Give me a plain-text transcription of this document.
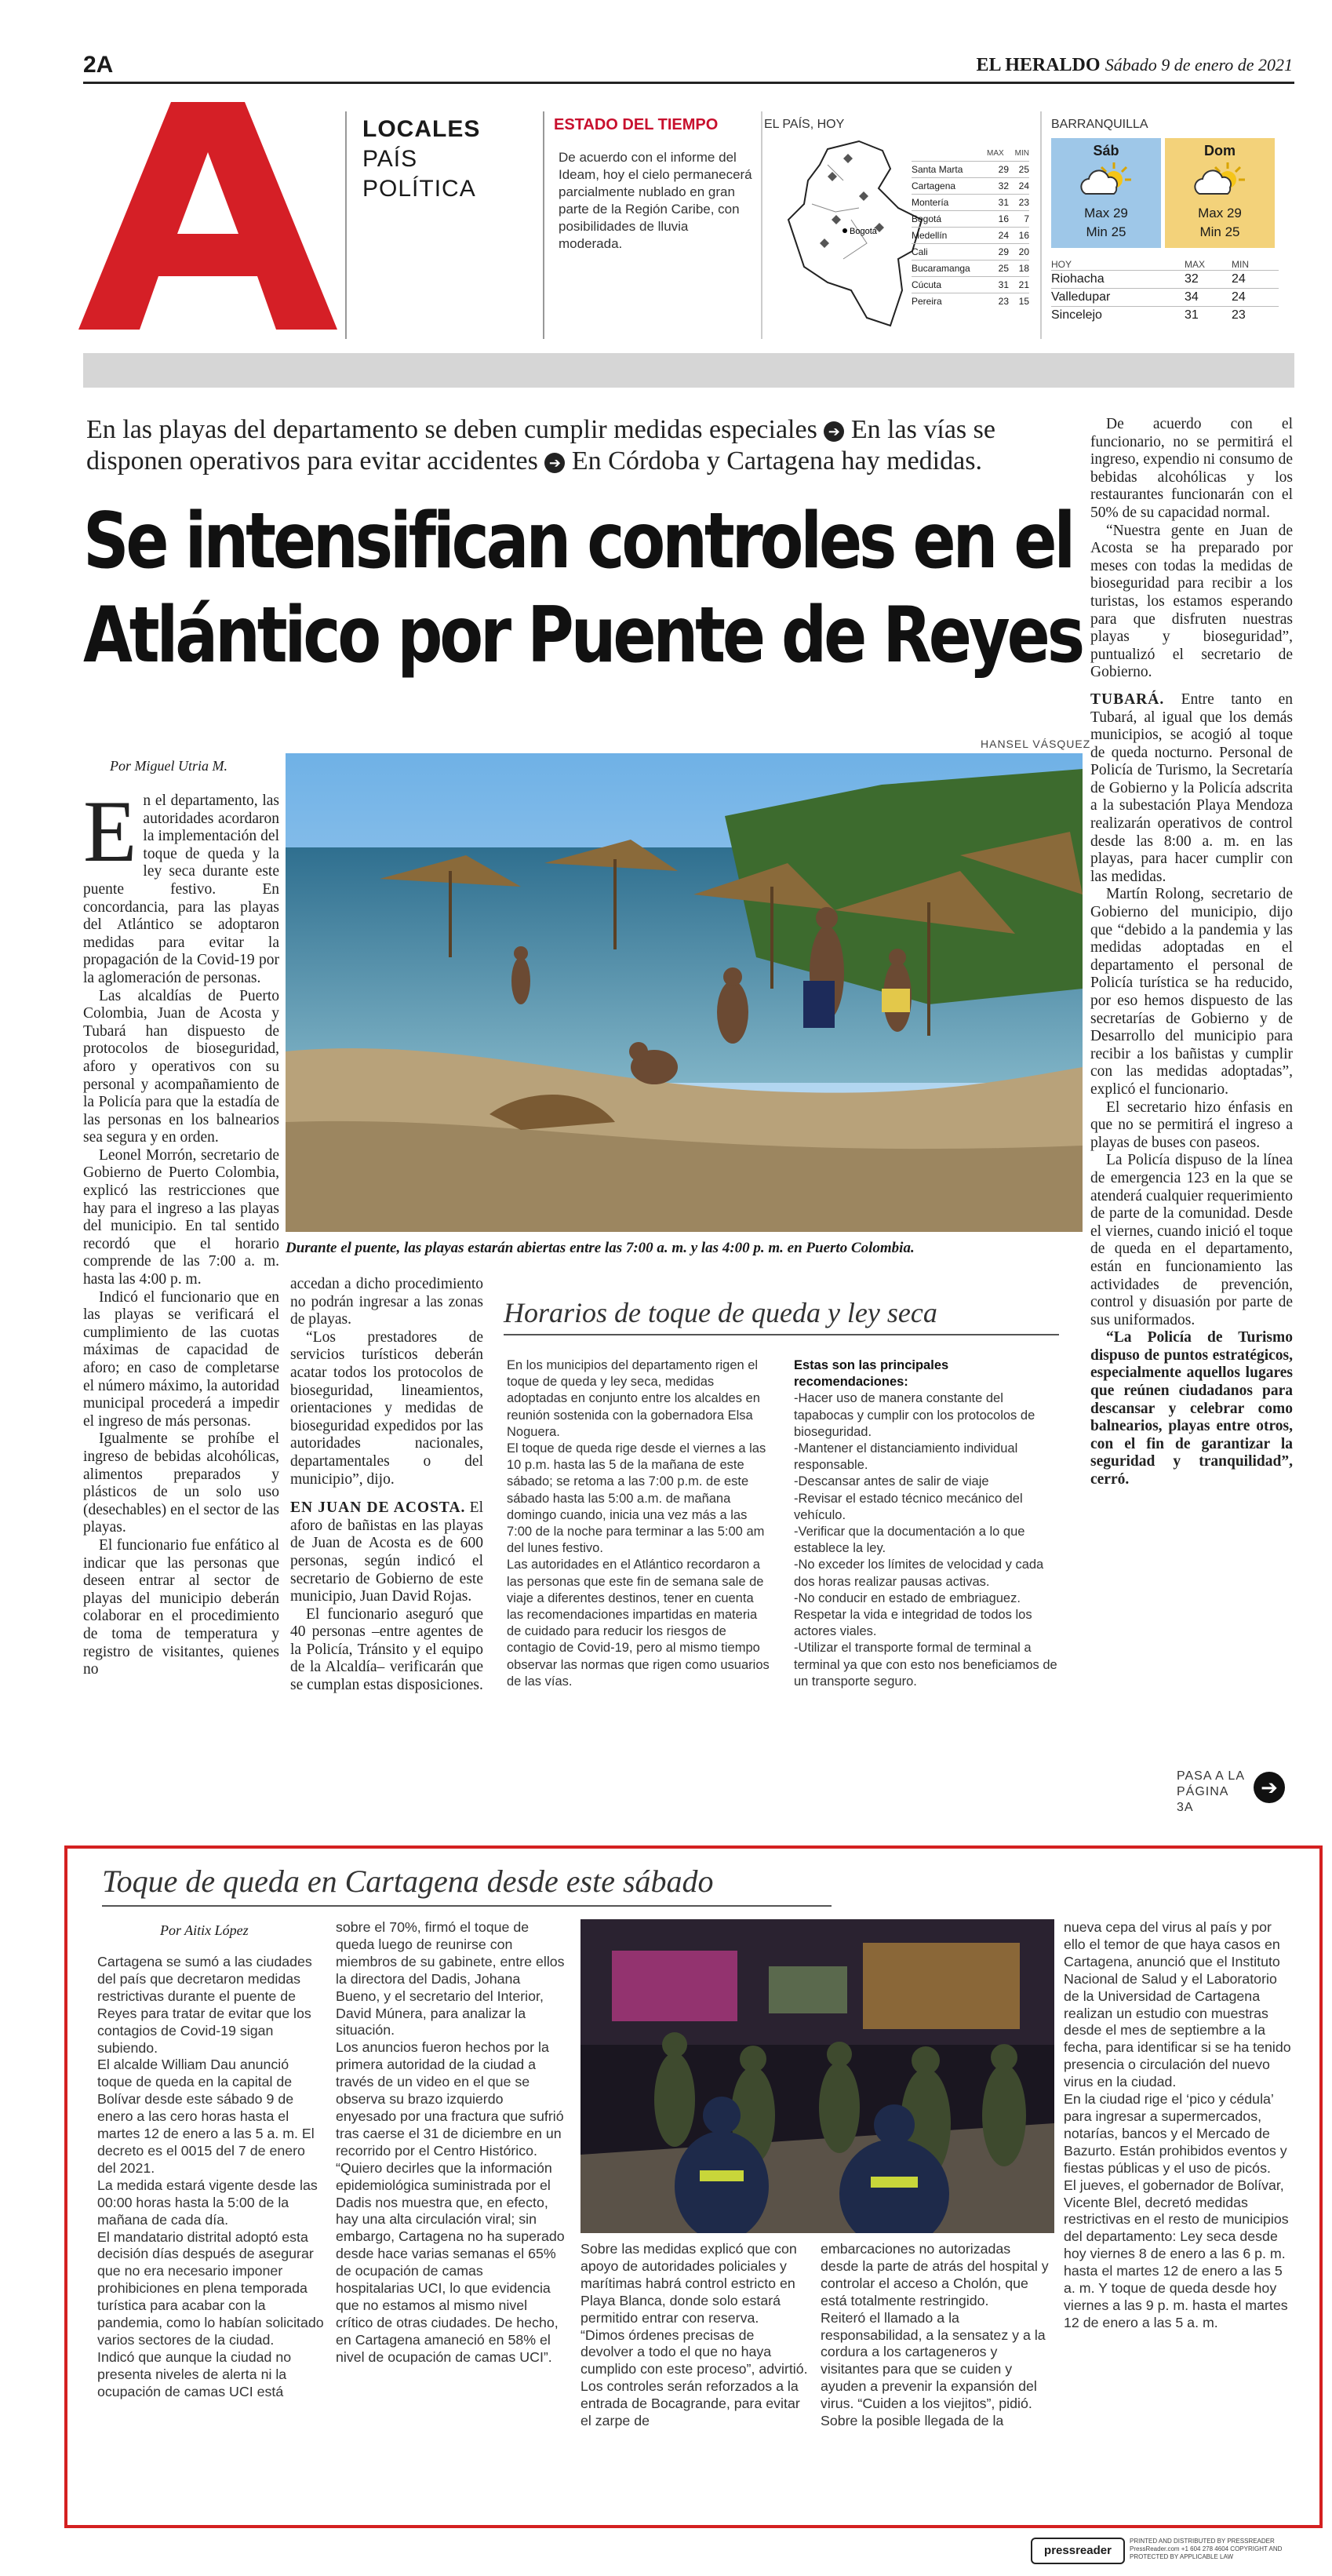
2A	EL HERALDO Sábado 9 de enero de 2021
LOCALES
PAÍS
POLÍTICA
ESTADO DEL TIEMPO
De acuerdo con el informe del Ideam, hoy el cielo permanecerá parcialmente nublado en gran parte de la Región Caribe, con posibilidades de lluvia moderada.
EL PAÍS, HOY
Bogotá
MAX MIN
Santa Marta	29	25
Cartagena	32	24
Montería	31	23
Bogotá	16	7
Medellín	24	16
Cali	29	20
Bucaramanga	25	18
Cúcuta	31	21
Pereira	23	15
BARRANQUILLA
Sáb
Max 29
Min 25
Dom
Max 29
Min 25
HOY	MAX	MIN
Riohacha	32	24
Valledupar	34	24
Sincelejo	31	23
En las playas del departamento se deben cumplir medidas especiales ➔ En las vías se disponen operativos para evitar accidentes ➔ En Córdoba y Cartagena hay medidas.
Se intensifican controles en el
Atlántico por Puente de Reyes
Por Miguel Utria M.

En el departamento, las autoridades acordaron la implementación del toque de queda y la ley seca durante este puente festivo. En concordancia, para las playas del Atlántico se adoptaron medidas para evitar la propagación de la Covid-19 por la aglomeración de personas.

Las alcaldías de Puerto Colombia, Juan de Acosta y Tubará han dispuesto de protocolos de bioseguridad, aforo y operativos con su personal y acompañamiento de la Policía para que la estadía de las personas en los balnearios sea segura y en orden.

Leonel Morrón, secretario de Gobierno de Puerto Colombia, explicó las restricciones que hay para el ingreso a las playas del municipio. En tal sentido recordó que el horario comprende de las 7:00 a. m. hasta las 4:00 p. m.

Indicó el funcionario que en las playas se verificará el cumplimiento de las cuotas máximas de capacidad de aforo; en caso de completarse el número máximo, la autoridad municipal procederá a impedir el ingreso de más personas.

Igualmente se prohíbe el ingreso de bebidas alcohólicas, alimentos preparados y plásticos de un solo uso (desechables) en el sector de las playas.

El funcionario fue enfático al indicar que las personas que deseen entrar al sector de playas del municipio deberán colaborar en el procedimiento de toma de temperatura y registro de visitantes, quienes no

HANSEL VÁSQUEZ
Durante el puente, las playas estarán abiertas entre las 7:00 a. m. y las 4:00 p. m. en Puerto Colombia.

accedan a dicho procedimiento no podrán ingresar a las zonas de playas.

“Los prestadores de servicios turísticos deberán acatar todos los protocolos de bioseguridad, lineamientos, orientaciones y medidas de bioseguridad expedidos por las autoridades nacionales, departamentales o del municipio”, dijo.

EN JUAN DE ACOSTA. El aforo de bañistas en las playas de Juan de Acosta es de 600 personas, según indicó el secretario de Gobierno de este municipio, Juan David Rojas.

El funcionario aseguró que 40 personas –entre agentes de la Policía, Tránsito y el equipo de la Alcaldía– verificarán que se cumplan estas disposiciones.

Horarios de toque de queda y ley seca
En los municipios del departamento rigen el toque de queda y ley seca, medidas adoptadas en conjunto entre los alcaldes en reunión sostenida con la gobernadora Elsa Noguera.
El toque de queda rige desde el viernes a las 10 p.m. hasta las 5 de la mañana de este sábado; se retoma a las 7:00 p.m. de este sábado hasta las 5:00 a.m. de mañana domingo cuando, inicia una vez más a las 7:00 de la noche para terminar a las 5:00 am del lunes festivo.
Las autoridades en el Atlántico recordaron a las personas que este fin de semana sale de viaje a diferentes destinos, tener en cuenta las recomendaciones impartidas en materia de cuidado para reducir los riesgos de contagio de Covid-19, pero al mismo tiempo observar las normas que rigen como usuarios de las vías.
Estas son las principales recomendaciones:
-Hacer uso de manera constante del tapabocas y cumplir con los protocolos de bioseguridad.
-Mantener el distanciamiento individual responsable.
-Descansar antes de salir de viaje
-Revisar el estado técnico mecánico del vehículo.
-Verificar que la documentación a lo que establece la ley.
-No exceder los límites de velocidad y cada dos horas realizar pausas activas.
-No conducir en estado de embriaguez.
Respetar la vida e integridad de todos los actores viales.
-Utilizar el transporte formal de terminal a terminal ya que con esto nos beneficiamos de un transporte seguro.

De acuerdo con el funcionario, no se permitirá el ingreso, expendio ni consumo de bebidas alcohólicas y los restaurantes funcionarán con el 50% de su capacidad normal.

“Nuestra gente en Juan de Acosta se ha preparado por meses con todas la medidas de bioseguridad para recibir a los turistas, los estamos esperando para que disfruten nuestras playas y bioseguridad”, puntualizó el secretario de Gobierno.

TUBARÁ. Entre tanto en Tubará, al igual que los demás municipios, se acogió al toque de queda nocturno. Personal de Policía de Turismo, la Secretaría de Gobierno y la Policía adscrita a la subestación Playa Mendoza realizarán operativos de control desde las 8:00 a. m. en las playas, para hacer cumplir con las medidas.

Martín Rolong, secretario de Gobierno del municipio, dijo que “debido a la pandemia y las medidas adoptadas en el departamento el personal de Policía turística se ha reducido, por eso hemos dispuesto de las secretarías de Gobierno y de Desarrollo del municipio para recibir a los bañistas y cumplir con las medidas adoptadas”, explicó el funcionario.

El secretario hizo énfasis en que no se permitirá el ingreso a playas de buses con paseos.

La Policía dispuso de la línea de emergencia 123 en la que se atenderá cualquier requerimiento de parte de la comunidad. Desde el viernes, cuando inició el toque de queda en el departamento, están en funcionamiento las actividades de prevención, control y disuasión por parte de sus uniformados.

“La Policía de Turismo dispuso de puntos estratégicos, especialmente aquellos lugares que reúnen ciudadanos para descansar y celebrar como balnearios, playas entre otros, con el fin de garantizar la seguridad y tranquilidad”, cerró.

PASA A LA PÁGINA 3A
➔
Toque de queda en Cartagena desde este sábado
Por Aitix López
Cartagena se sumó a las ciudades del país que decretaron medidas restrictivas durante el puente de Reyes para tratar de evitar que los contagios de Covid-19 sigan subiendo.
El alcalde William Dau anunció toque de queda en la capital de Bolívar desde este sábado 9 de enero a las cero horas hasta el martes 12 de enero a las 5 a. m. El decreto es el 0015 del 7 de enero del 2021.
La medida estará vigente desde las 00:00 horas hasta la 5:00 de la mañana de cada día.
El mandatario distrital adoptó esta decisión días después de asegurar que no era necesario imponer prohibiciones en plena temporada turística para acabar con la pandemia, como lo habían solicitado varios sectores de la ciudad.
Indicó que aunque la ciudad no presenta niveles de alerta ni la ocupación de camas UCI está
sobre el 70%, firmó el toque de queda luego de reunirse con miembros de su gabinete, entre ellos la directora del Dadis, Johana Bueno, y el secretario del Interior, David Múnera, para analizar la situación.
Los anuncios fueron hechos por la primera autoridad de la ciudad a través de un video en el que se observa su brazo izquierdo enyesado por una fractura que sufrió tras caerse el 31 de diciembre en un recorrido por el Centro Histórico.
“Quiero decirles que la información epidemiológica suministrada por el Dadis nos muestra que, en efecto, hay una alta circulación viral; sin embargo, Cartagena no ha superado desde hace varias semanas el 65% de ocupación de camas hospitalarias UCI, lo que evidencia que no estamos al mismo nivel crítico de otras ciudades. De hecho, en Cartagena amaneció en 58% el nivel de ocupación de camas UCI”.
Sobre las medidas explicó que con apoyo de autoridades policiales y marítimas habrá control estricto en Playa Blanca, donde solo estará permitido entrar con reserva.
“Dimos órdenes precisas de devolver a todo el que no haya cumplido con este proceso”, advirtió.
Los controles serán reforzados a la entrada de Bocagrande, para evitar el zarpe de
embarcaciones no autorizadas desde la parte de atrás del hospital y controlar el acceso a Cholón, que está totalmente restringido.
Reiteró el llamado a la responsabilidad, a la sensatez y a la cordura a los cartageneros y visitantes para que se cuiden y ayuden a prevenir la expansión del virus. “Cuiden a los viejitos”, pidió.
Sobre la posible llegada de la
nueva cepa del virus al país y por ello el temor de que haya casos en Cartagena, anunció que el Instituto Nacional de Salud y el Laboratorio de la Universidad de Cartagena realizan un estudio con muestras desde el mes de septiembre a la fecha, para identificar si se ha tenido presencia o circulación del nuevo virus en la ciudad.
En la ciudad rige el ‘pico y cédula’ para ingresar a supermercados, notarías, bancos y el Mercado de Bazurto. Están prohibidos eventos y fiestas públicas y el uso de picós.
El jueves, el gobernador de Bolívar, Vicente Blel, decretó medidas restrictivas en el resto de municipios del departamento: Ley seca desde hoy viernes 8 de enero a las 6 p. m. hasta el martes 12 de enero a las 5 a. m. Y toque de queda desde hoy viernes a las 9 p. m. hasta el martes 12 de enero a las 5 a. m.
pressreader
PRINTED AND DISTRIBUTED BY PRESSREADER PressReader.com +1 604 278 4604 COPYRIGHT AND PROTECTED BY APPLICABLE LAW
